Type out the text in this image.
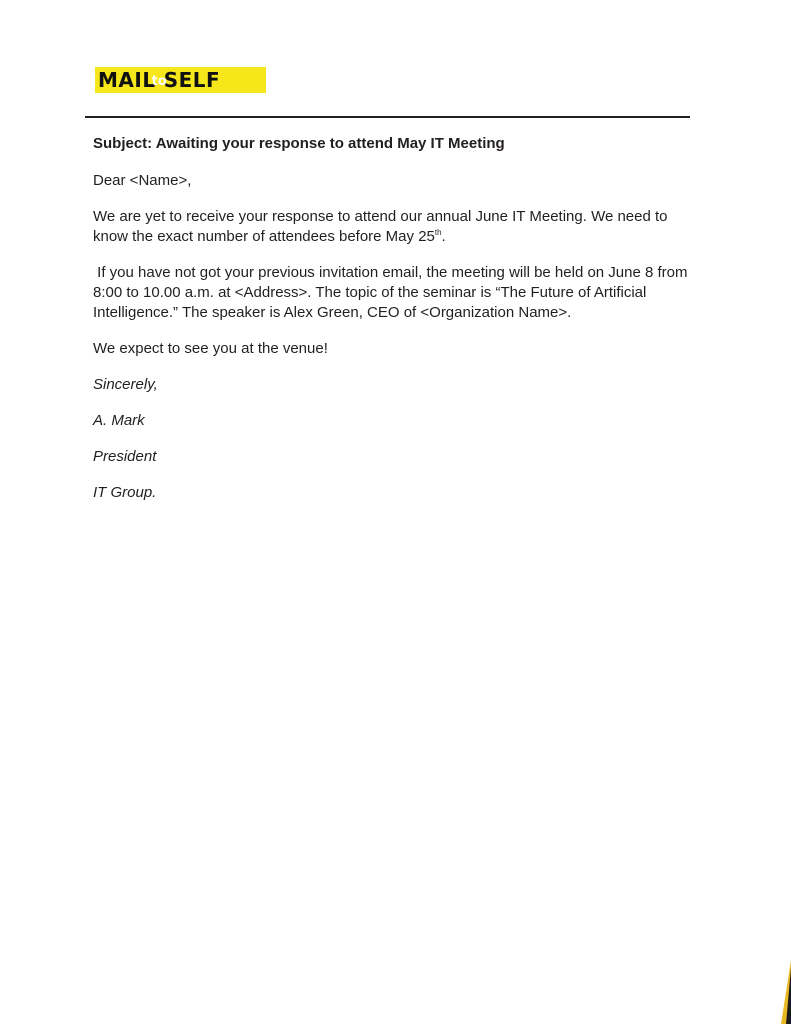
MAIL
to
SELF

Subject: Awaiting your response to attend May IT Meeting

Dear <Name>,

We are yet to receive your response to attend our annual June IT Meeting. We need to know the exact number of attendees before May 25th.

If you have not got your previous invitation email, the meeting will be held on June 8 from 8:00 to 10.00 a.m. at <Address>. The topic of the seminar is “The Future of Artificial Intelligence.” The speaker is Alex Green, CEO of <Organization Name>.

We expect to see you at the venue!

Sincerely,

A. Mark

President

IT Group.
